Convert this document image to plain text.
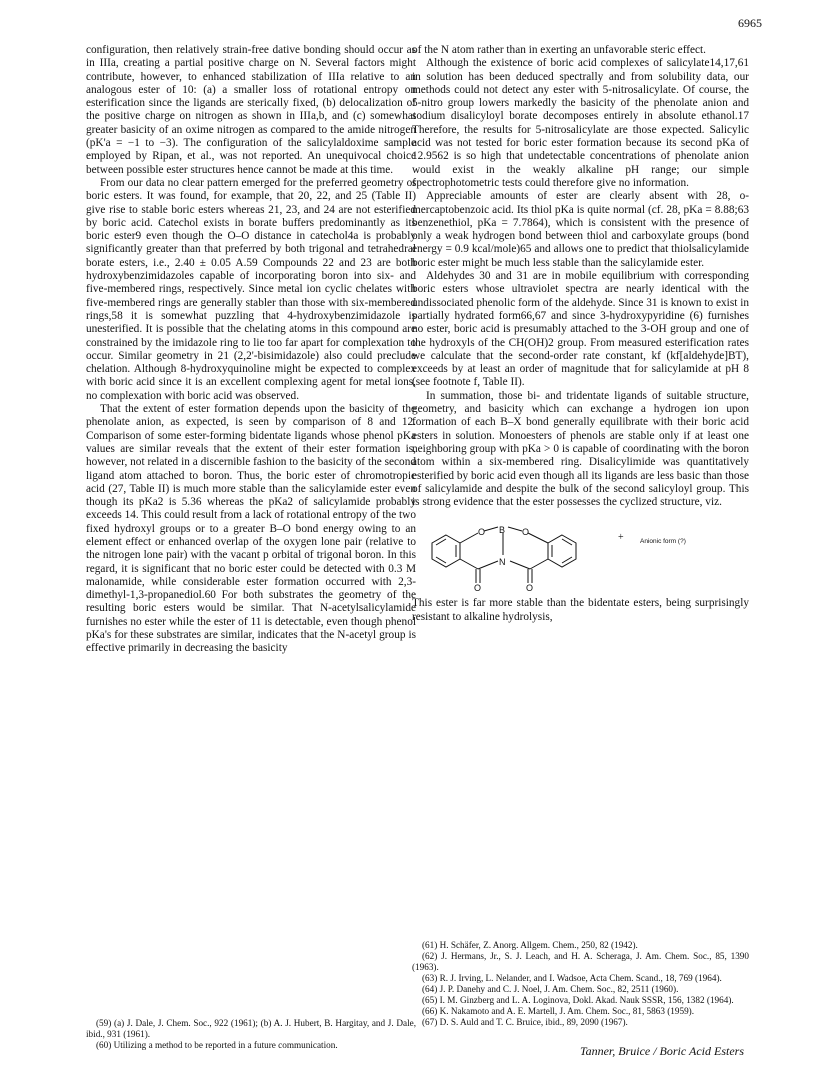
6965

configuration, then relatively strain-free dative bonding should occur as in IIIa, creating a partial positive charge on N. Several factors might contribute, however, to enhanced stabilization of IIIa relative to an analogous ester of 10: (a) a smaller loss of rotational entropy on esterification since the ligands are sterically fixed, (b) delocalization of the positive charge on nitrogen as shown in IIIa,b, and (c) somewhat greater basicity of an oxime nitrogen as compared to the amide nitrogen (pK'a = −1 to −3). The configuration of the salicylaldoxime sample employed by Ripan, et al., was not reported. An unequivocal choice between possible ester structures hence cannot be made at this time.

From our data no clear pattern emerged for the preferred geometry of boric esters. It was found, for example, that 20, 22, and 25 (Table II) give rise to stable boric esters whereas 21, 23, and 24 are not esterified by boric acid. Catechol exists in borate buffers predominantly as its boric ester9 even though the O–O distance in catechol4a is probably significantly greater than that preferred by both trigonal and tetrahedral borate esters, i.e., 2.40 ± 0.05 A.59 Compounds 22 and 23 are both hydroxybenzimidazoles capable of incorporating boron into six- and five-membered rings, respectively. Since metal ion cyclic chelates with five-membered rings are generally stabler than those with six-membered rings,58 it is somewhat puzzling that 4-hydroxybenzimidazole is unesterified. It is possible that the chelating atoms in this compound are constrained by the imidazole ring to lie too far apart for complexation to occur. Similar geometry in 21 (2,2'-bisimidazole) also could preclude chelation. Although 8-hydroxyquinoline might be expected to complex with boric acid since it is an excellent complexing agent for metal ions, no complexation with boric acid was observed.

That the extent of ester formation depends upon the basicity of the phenolate anion, as expected, is seen by comparison of 8 and 12. Comparison of some ester-forming bidentate ligands whose phenol pKa values are similar reveals that the extent of their ester formation is, however, not related in a discernible fashion to the basicity of the second ligand atom attached to boron. Thus, the boric ester of chromotropic acid (27, Table II) is much more stable than the salicylamide ester even though its pKa2 is 5.36 whereas the pKa2 of salicylamide probably exceeds 14. This could result from a lack of rotational entropy of the two fixed hydroxyl groups or to a greater B–O bond energy owing to an element effect or enhanced overlap of the oxygen lone pair (relative to the nitrogen lone pair) with the vacant p orbital of trigonal boron. In this regard, it is significant that no boric ester could be detected with 0.3 M malonamide, while considerable ester formation occurred with 2,3-dimethyl-1,3-propanediol.60 For both substrates the geometry of the resulting boric esters would be similar. That N-acetylsalicylamide furnishes no ester while the ester of 11 is detectable, even though phenol pKa's for these substrates are similar, indicates that the N-acetyl group is effective primarily in decreasing the basicity

of the N atom rather than in exerting an unfavorable steric effect.

Although the existence of boric acid complexes of salicylate14,17,61 in solution has been deduced spectrally and from solubility data, our methods could not detect any ester with 5-nitrosalicylate. Of course, the 5-nitro group lowers markedly the basicity of the phenolate anion and sodium disalicyloyl borate decomposes entirely in absolute ethanol.17 Therefore, the results for 5-nitrosalicylate are those expected. Salicylic acid was not tested for boric ester formation because its second pKa of 12.9562 is so high that undetectable concentrations of phenolate anion would exist in the weakly alkaline pH range; our simple spectrophotometric tests could therefore give no information.

Appreciable amounts of ester are clearly absent with 28, o-mercaptobenzoic acid. Its thiol pKa is quite normal (cf. 28, pKa = 8.88;63 benzenethiol, pKa = 7.7864), which is consistent with the presence of only a weak hydrogen bond between thiol and carboxylate groups (bond energy = 0.9 kcal/mole)65 and allows one to predict that thiolsalicylamide boric ester might be much less stable than the salicylamide ester.

Aldehydes 30 and 31 are in mobile equilibrium with corresponding boric esters whose ultraviolet spectra are nearly identical with the undissociated phenolic form of the aldehyde. Since 31 is known to exist in partially hydrated form66,67 and since 3-hydroxypyridine (6) furnishes no ester, boric acid is presumably attached to the 3-OH group and one of the hydroxyls of the CH(OH)2 group. From measured esterification rates we calculate that the second-order rate constant, kf (kf[aldehyde]BT), exceeds by at least an order of magnitude that for salicylamide at pH 8 (see footnote f, Table II).

In summation, those bi- and tridentate ligands of suitable structure, geometry, and basicity which can exchange a hydrogen ion upon formation of each B–X bond generally equilibrate with their boric acid esters in solution. Monoesters of phenols are stable only if at least one neighboring group with pKa > 0 is capable of coordinating with the boron atom within a six-membered ring. Disalicylimide was quantitatively esterified by boric acid even though all its ligands are less basic than those of salicylamide and despite the bulk of the second salicyloyl group. This is strong evidence that the ester possesses the cyclized structure, viz.

O	O
B
N
O	O
+	Anionic form (?)

This ester is far more stable than the bidentate esters, being surprisingly resistant to alkaline hydrolysis,

(59) (a) J. Dale, J. Chem. Soc., 922 (1961); (b) A. J. Hubert, B. Hargitay, and J. Dale, ibid., 931 (1961).

(60) Utilizing a method to be reported in a future communication.

(61) H. Schäfer, Z. Anorg. Allgem. Chem., 250, 82 (1942).

(62) J. Hermans, Jr., S. J. Leach, and H. A. Scheraga, J. Am. Chem. Soc., 85, 1390 (1963).

(63) R. J. Irving, L. Nelander, and I. Wadsoe, Acta Chem. Scand., 18, 769 (1964).

(64) J. P. Danehy and C. J. Noel, J. Am. Chem. Soc., 82, 2511 (1960).

(65) I. M. Ginzberg and L. A. Loginova, Dokl. Akad. Nauk SSSR, 156, 1382 (1964).

(66) K. Nakamoto and A. E. Martell, J. Am. Chem. Soc., 81, 5863 (1959).

(67) D. S. Auld and T. C. Bruice, ibid., 89, 2090 (1967).

Tanner, Bruice / Boric Acid Esters
